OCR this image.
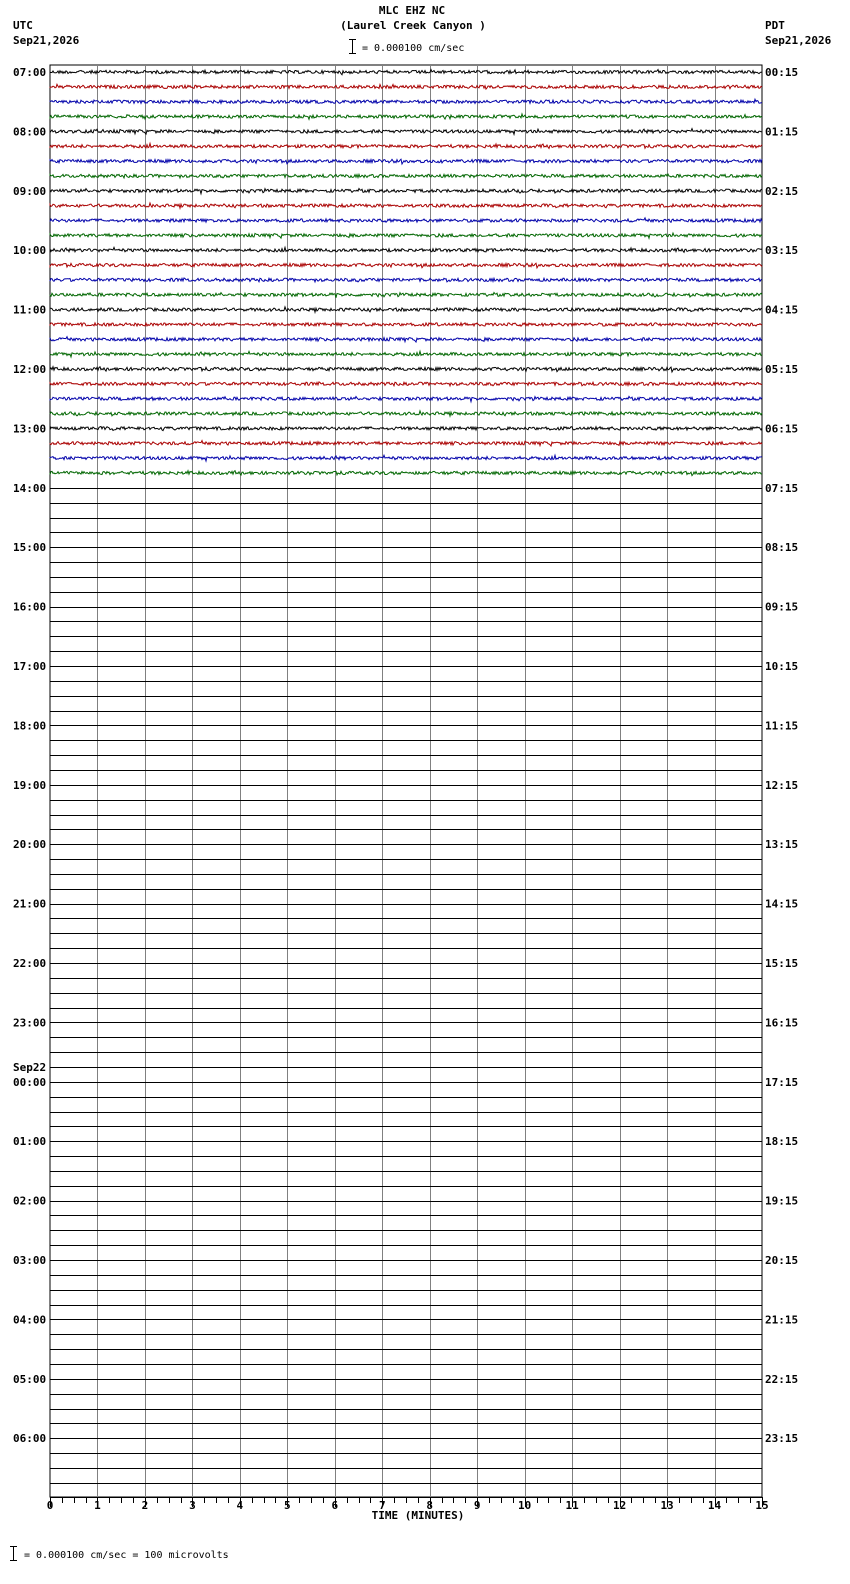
MLC EHZ NC
(Laurel Creek Canyon )
= 0.000100 cm/sec
UTC
Sep21,2026
PDT
Sep21,2026
07:00
08:00
09:00
10:00
11:00
12:00
13:00
14:00
15:00
16:00
17:00
18:00
19:00
20:00
21:00
22:00
23:00
00:00
Sep22
01:00
02:00
03:00
04:00
05:00
06:00
00:15
01:15
02:15
03:15
04:15
05:15
06:15
07:15
08:15
09:15
10:15
11:15
12:15
13:15
14:15
15:15
16:15
17:15
18:15
19:15
20:15
21:15
22:15
23:15
0	1	2	3	4	5	6	7	8	9	10	11	12	13	14	15
TIME (MINUTES)
= 0.000100 cm/sec = 100 microvolts
